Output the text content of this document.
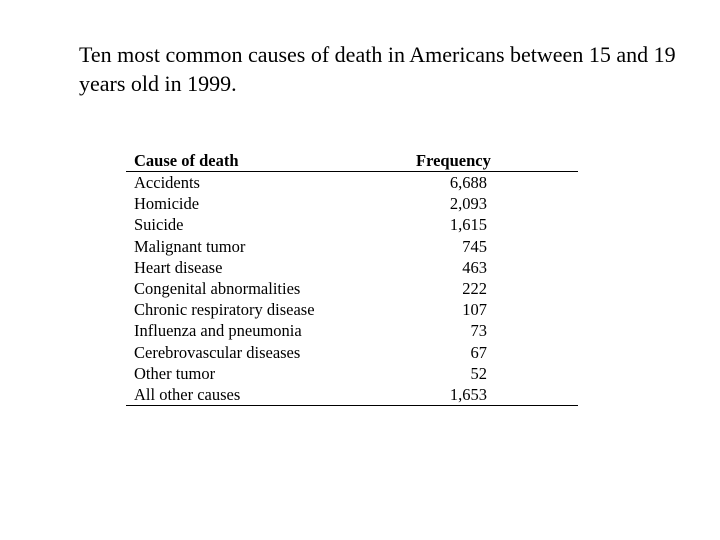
Ten most common causes of death in Americans between 15 and 19 years old in 1999.

Cause of death	Frequency
Accidents	6,688
Homicide	2,093
Suicide	1,615
Malignant tumor	745
Heart disease	463
Congenital abnormalities	222
Chronic respiratory disease	107
Influenza and pneumonia	73
Cerebrovascular diseases	67
Other tumor	52
All other causes	1,653
